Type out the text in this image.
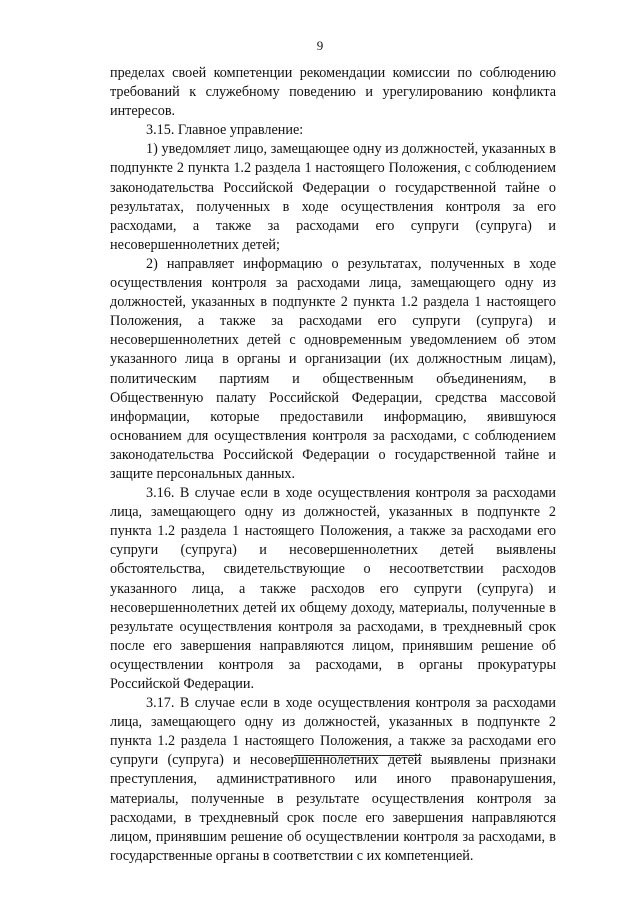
9

пределах своей компетенции рекомендации комиссии по соблюдению требований к служебному поведению и урегулированию конфликта интересов.

3.15. Главное управление:

1) уведомляет лицо, замещающее одну из должностей, указанных в подпункте 2 пункта 1.2 раздела 1 настоящего Положения, с соблюдением законодательства Российской Федерации о государственной тайне о результатах, полученных в ходе осуществления контроля за его расходами, а также за расходами его супруги (супруга) и несовершеннолетних детей;

2) направляет информацию о результатах, полученных в ходе осуществления контроля за расходами лица, замещающего одну из должностей, указанных в подпункте 2 пункта 1.2 раздела 1 настоящего Положения, а также за расходами его супруги (супруга) и несовершеннолетних детей с одновременным уведомлением об этом указанного лица в органы и организации (их должностным лицам), политическим партиям и общественным объединениям, в Общественную палату Российской Федерации, средства массовой информации, которые предоставили информацию, явившуюся основанием для осуществления контроля за расходами, с соблюдением законодательства Российской Федерации о государственной тайне и защите персональных данных.

3.16. В случае если в ходе осуществления контроля за расходами лица, замещающего одну из должностей, указанных в подпункте 2 пункта 1.2 раздела 1 настоящего Положения, а также за расходами его супруги (супруга) и несовершеннолетних детей выявлены обстоятельства, свидетельствующие о несоответствии расходов указанного лица, а также расходов его супруги (супруга) и несовершеннолетних детей их общему доходу, материалы, полученные в результате осуществления контроля за расходами, в трехдневный срок после его завершения направляются лицом, принявшим решение об осуществлении контроля за расходами, в органы прокуратуры Российской Федерации.

3.17. В случае если в ходе осуществления контроля за расходами лица, замещающего одну из должностей, указанных в подпункте 2 пункта 1.2 раздела 1 настоящего Положения, а также за расходами его супруги (супруга) и несовершеннолетних детей выявлены признаки преступления, административного или иного правонарушения, материалы, полученные в результате осуществления контроля за расходами, в трехдневный срок после его завершения направляются лицом, принявшим решение об осуществлении контроля за расходами, в государственные органы в соответствии с их компетенцией.
